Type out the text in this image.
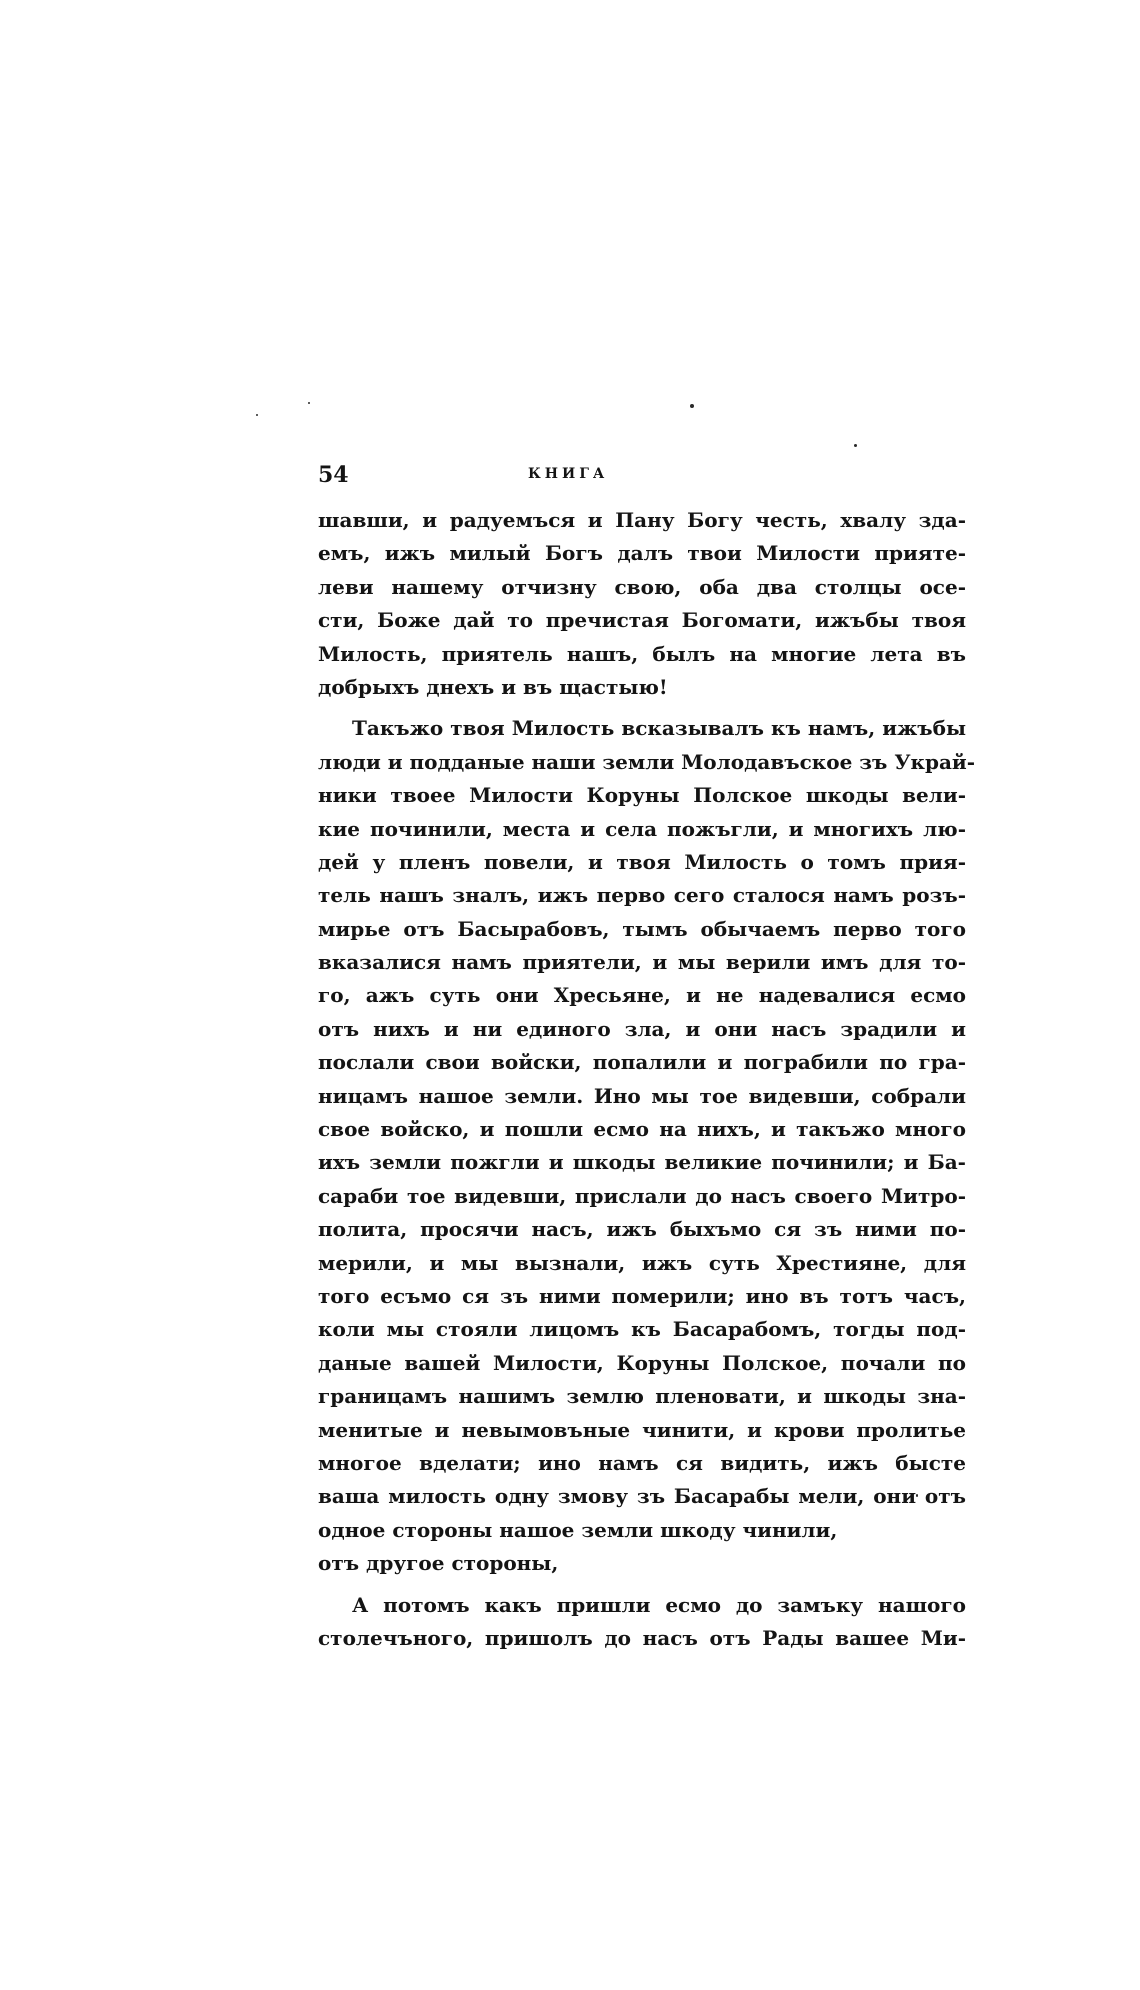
54	КНИГА
шавши, и радуемъся и Пану Богу честь, хвалу зда-
емъ, ижъ милый Богъ далъ твои Милости прияте-
леви нашему отчизну свою, оба два столцы осе-
сти, Боже дай то пречистая Богомати, ижъбы твоя
Милость, приятель нашъ, былъ на многие лета въ
добрыхъ днехъ и въ щастыю!
Такъжо твоя Милость всказывалъ къ намъ, ижъбы
люди и подданые наши земли Молодавъское зъ Украй-
ники твоее Милости Коруны Полское шкоды вели-
кие починили, места и села пожъгли, и многихъ лю-
дей у пленъ повели, и твоя Милость о томъ прия-
тель нашъ зналъ, ижъ перво сего сталося намъ розъ-
мирье отъ Басырабовъ, тымъ обычаемъ перво того
вказалися намъ приятели, и мы верили имъ для то-
го, ажъ суть они Хресьяне, и не надевалися есмо
отъ нихъ и ни единого зла, и они насъ зрадили и
послали свои войски, попалили и пограбили по гра-
ницамъ нашое земли. Ино мы тое видевши, собрали
свое войско, и пошли есмо на нихъ, и такъжо много
ихъ земли пожгли и шкоды великие починили; и Ба-
сараби тое видевши, прислали до насъ своего Митро-
полита, просячи насъ, ижъ быхъмо ся зъ ними по-
мерили, и мы вызнали, ижъ суть Хрестияне, для
того есъмо ся зъ ними померили; ино въ тотъ часъ,
коли мы стояли лицомъ къ Басарабомъ, тогды под-
даные вашей Милости, Коруны Полское, почали по
границамъ нашимъ землю пленовати, и шкоды зна-
менитые и невымовъные чинити, и крови пролитье
многое вделати; ино намъ ся видить, ижъ бысте
ваша милость одну змову зъ Басарабы мели, они отъ
одное стороны нашое земли шкоду чинили,
отъ другое стороны,
А потомъ какъ пришли есмо до замъку нашого
столечъного, пришолъ до насъ отъ Рады вашее Ми-
